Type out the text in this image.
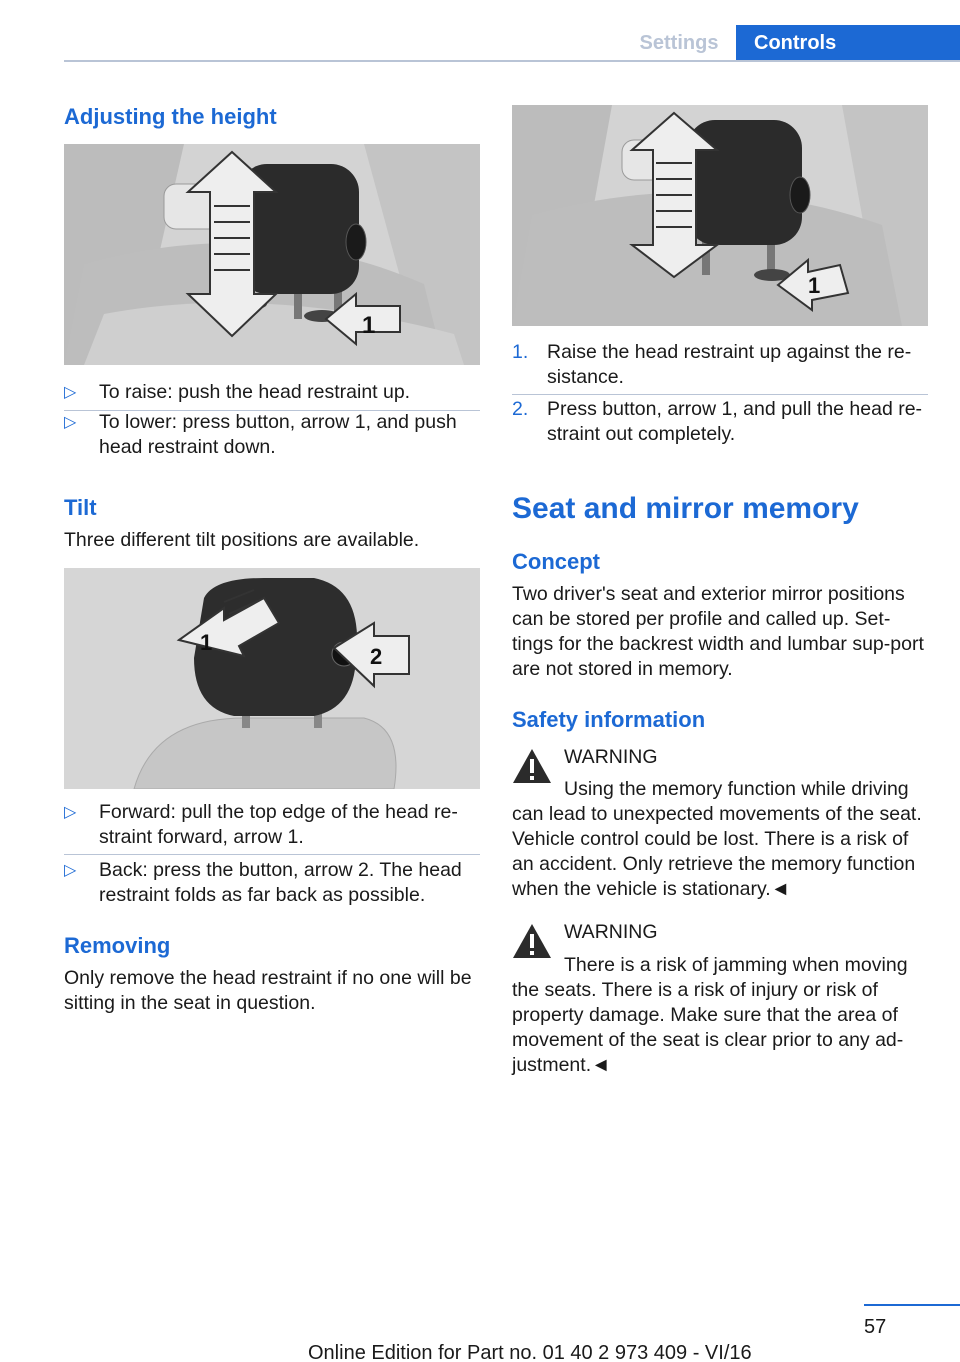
Settings	Controls
Adjusting the height
1
▷ To raise: push the head restraint up.
▷ To lower: press button, arrow 1, and push head restraint down.
Tilt
Three different tilt positions are available.
1
2
▷ Forward: pull the top edge of the head re‐straint forward, arrow 1.
▷ Back: press the button, arrow 2. The head restraint folds as far back as possible.
Removing
Only remove the head restraint if no one will be sitting in the seat in question.
1
1. Raise the head restraint up against the re‐sistance.
2. Press button, arrow 1, and pull the head re‐straint out completely.
Seat and mirror memory
Concept
Two driver's seat and exterior mirror positions can be stored per profile and called up. Set‐tings for the backrest width and lumbar sup‐port are not stored in memory.
Safety information
WARNING
Using the memory function while driving can lead to unexpected movements of the seat. Vehicle control could be lost. There is a risk of an accident. Only retrieve the memory function when the vehicle is stationary.◄
WARNING
There is a risk of jamming when moving the seats. There is a risk of injury or risk of property damage. Make sure that the area of movement of the seat is clear prior to any ad‐justment.◄
57
Online Edition for Part no. 01 40 2 973 409 - VI/16
